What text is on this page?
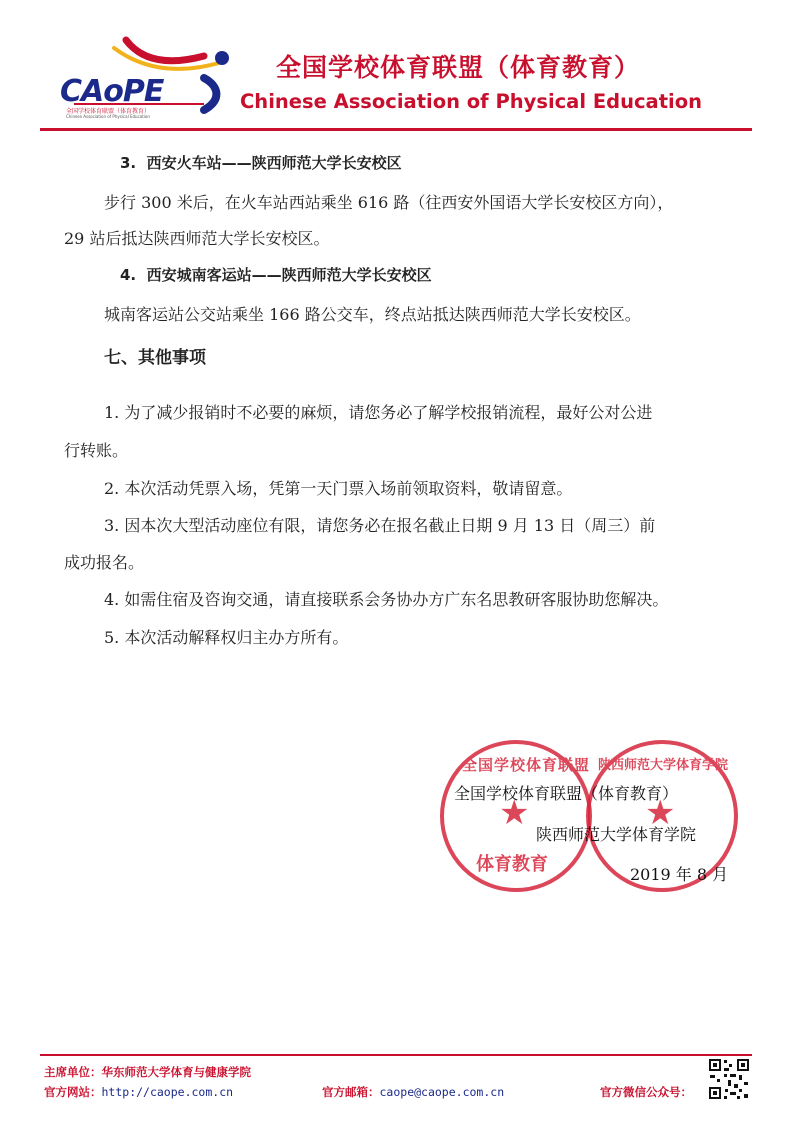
CAoPE
全国学校体育联盟（体育教育）
Chinese Association of Physical Education
全国学校体育联盟（体育教育）
Chinese Association of Physical Education
3.  西安火车站——陕西师范大学长安校区
步行 300 米后，在火车站西站乘坐 616 路（往西安外国语大学长安校区方向），
29 站后抵达陕西师范大学长安校区。
4.  西安城南客运站——陕西师范大学长安校区
城南客运站公交站乘坐 166 路公交车，终点站抵达陕西师范大学长安校区。
七、其他事项
1. 为了减少报销时不必要的麻烦，请您务必了解学校报销流程，最好公对公进
行转账。
2. 本次活动凭票入场，凭第一天门票入场前领取资料，敬请留意。
3. 因本次大型活动座位有限，请您务必在报名截止日期 9 月 13 日（周三）前
成功报名。
4. 如需住宿及咨询交通，请直接联系会务协办方广东名思教研客服协助您解决。
5. 本次活动解释权归主办方所有。
全国学校体育联盟
★
体育教育
陕西师范大学体育学院
★
全国学校体育联盟（体育教育）
陕西师范大学体育学院
2019 年 8 月
主席单位：华东师范大学体育与健康学院
官方网站：http://caope.com.cn	官方邮箱：caope@caope.com.cn	官方微信公众号：
